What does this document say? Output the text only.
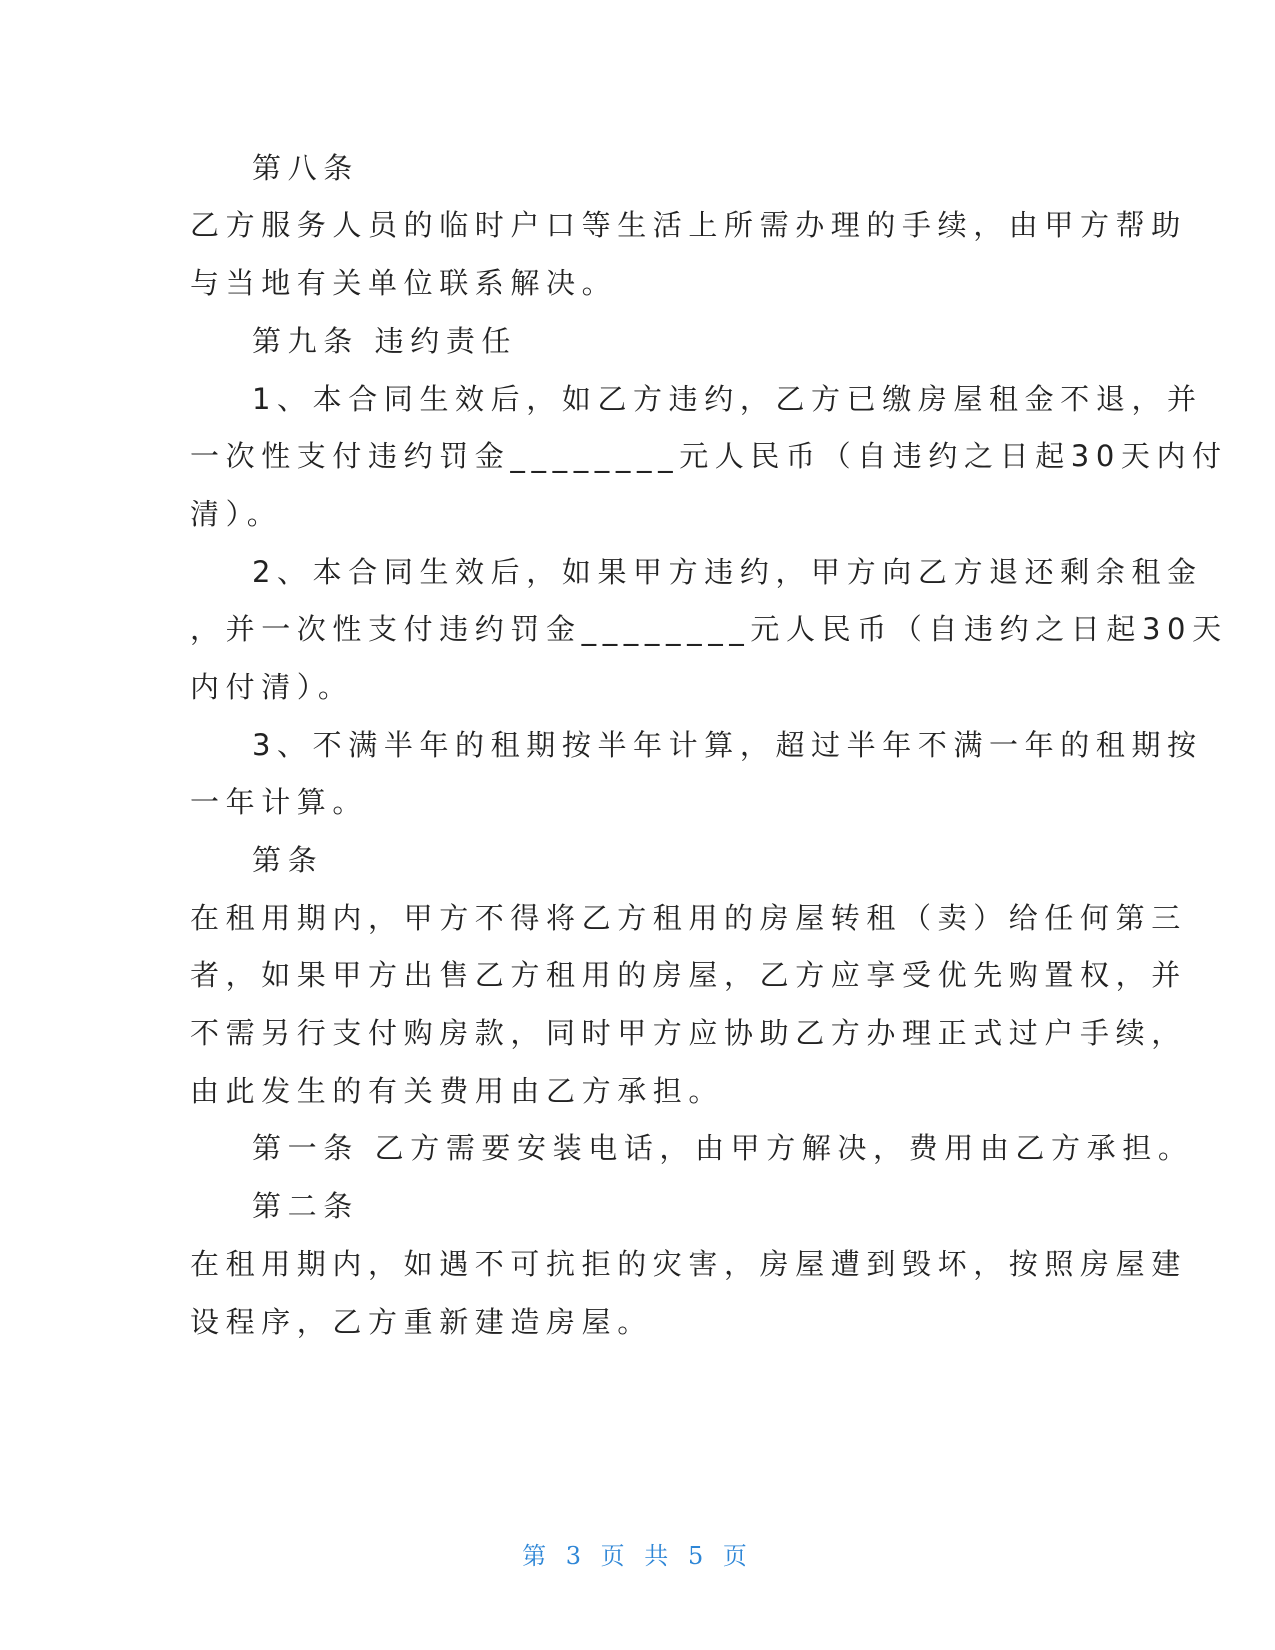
第八条
乙方服务人员的临时户口等生活上所需办理的手续，由甲方帮助
与当地有关单位联系解决。
第九条 违约责任
1、本合同生效后，如乙方违约，乙方已缴房屋租金不退，并
一次性支付违约罚金________元人民币（自违约之日起30天内付
清）。
2、本合同生效后，如果甲方违约，甲方向乙方退还剩余租金
，并一次性支付违约罚金________元人民币（自违约之日起30天
内付清）。
3、不满半年的租期按半年计算，超过半年不满一年的租期按
一年计算。
第条
在租用期内，甲方不得将乙方租用的房屋转租（卖）给任何第三
者，如果甲方出售乙方租用的房屋，乙方应享受优先购置权，并
不需另行支付购房款，同时甲方应协助乙方办理正式过户手续，
由此发生的有关费用由乙方承担。
第一条 乙方需要安装电话，由甲方解决，费用由乙方承担。
第二条
在租用期内，如遇不可抗拒的灾害，房屋遭到毁坏，按照房屋建
设程序，乙方重新建造房屋。
第 3 页 共 5 页
